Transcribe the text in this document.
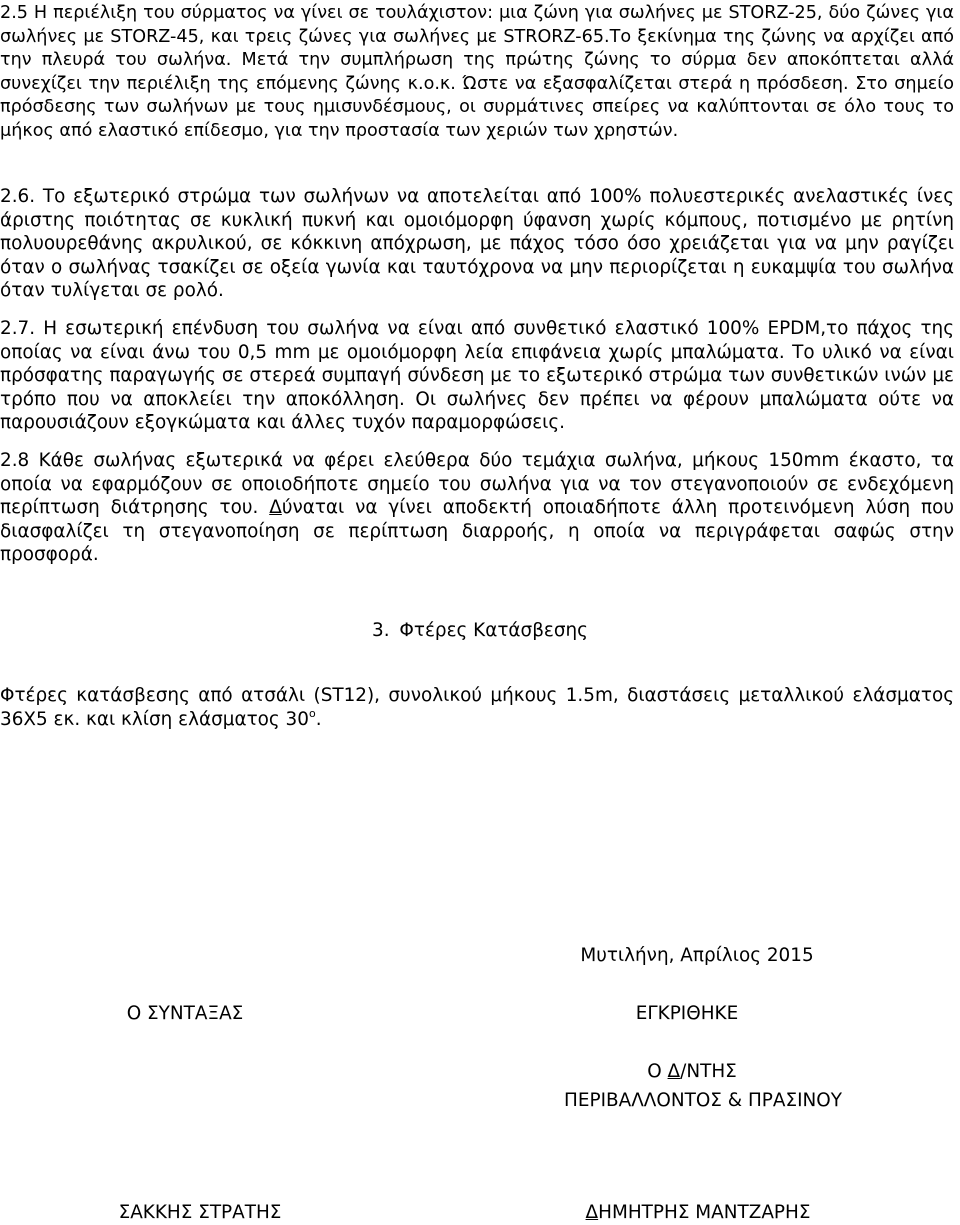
2.5 Η περιέλιξη του σύρματος να γίνει σε τουλάχιστον: μια ζώνη για σωλήνες με STORZ-25, δύο ζώνες για σωλήνες με STORZ-45, και τρεις ζώνες για σωλήνες με STRORZ-65.Το ξεκίνημα της ζώνης να αρχίζει από την πλευρά του σωλήνα. Μετά την συμπλήρωση της πρώτης ζώνης το σύρμα δεν αποκόπτεται αλλά συνεχίζει την περιέλιξη της επόμενης ζώνης κ.ο.κ. Ώστε να εξασφαλίζεται στερά η πρόσδεση. Στο σημείο πρόσδεσης των σωλήνων με τους ημισυνδέσμους, οι συρμάτινες σπείρες να καλύπτονται σε όλο τους το μήκος από ελαστικό επίδεσμο, για την προστασία των χεριών των χρηστών.

2.6. Το εξωτερικό στρώμα των σωλήνων να αποτελείται από 100% πολυεστερικές ανελαστικές ίνες άριστης ποιότητας σε κυκλική πυκνή και ομοιόμορφη ύφανση χωρίς κόμπους, ποτισμένο με ρητίνη πολυουρεθάνης ακρυλικού, σε κόκκινη απόχρωση, με πάχος τόσο όσο χρειάζεται για να μην ραγίζει όταν ο σωλήνας τσακίζει σε οξεία γωνία και ταυτόχρονα να μην περιορίζεται η ευκαμψία του σωλήνα όταν τυλίγεται σε ρολό.

2.7. Η εσωτερική επένδυση του σωλήνα να είναι από συνθετικό ελαστικό 100% EPDM,το πάχος της οποίας να είναι άνω του 0,5 mm με ομοιόμορφη λεία επιφάνεια χωρίς μπαλώματα. Το υλικό να είναι πρόσφατης παραγωγής σε στερεά συμπαγή σύνδεση με το εξωτερικό στρώμα των συνθετικών ινών με τρόπο που να αποκλείει την αποκόλληση. Οι σωλήνες δεν πρέπει να φέρουν μπαλώματα ούτε να παρουσιάζουν εξογκώματα και άλλες τυχόν παραμορφώσεις.

2.8 Κάθε σωλήνας εξωτερικά να φέρει ελεύθερα δύο τεμάχια σωλήνα, μήκους 150mm έκαστο, τα οποία να εφαρμόζουν σε οποιοδήποτε σημείο του σωλήνα για να τον στεγανοποιούν σε ενδεχόμενη περίπτωση διάτρησης του. Δύναται να γίνει αποδεκτή οποιαδήποτε άλλη προτεινόμενη λύση που διασφαλίζει τη στεγανοποίηση σε περίπτωση διαρροής, η οποία να περιγράφεται σαφώς στην προσφορά.

3. Φτέρες Κατάσβεσης

Φτέρες κατάσβεσης από ατσάλι (ST12), συνολικού μήκους 1.5m, διαστάσεις μεταλλικού ελάσματος 36Χ5 εκ. και κλίση ελάσματος $30^o$.

Μυτιλήνη, Απρίλιος 2015

Ο ΣΥΝΤΑΞΑΣ	ΕΓΚΡΙΘΗΚΕ

Ο Δ/ΝΤΗΣ

ΠΕΡΙΒΑΛΛΟΝΤΟΣ & ΠΡΑΣΙΝΟΥ

ΣΑΚΚΗΣ ΣΤΡΑΤΗΣ	ΔΗΜΗΤΡΗΣ ΜΑΝΤΖΑΡΗΣ
